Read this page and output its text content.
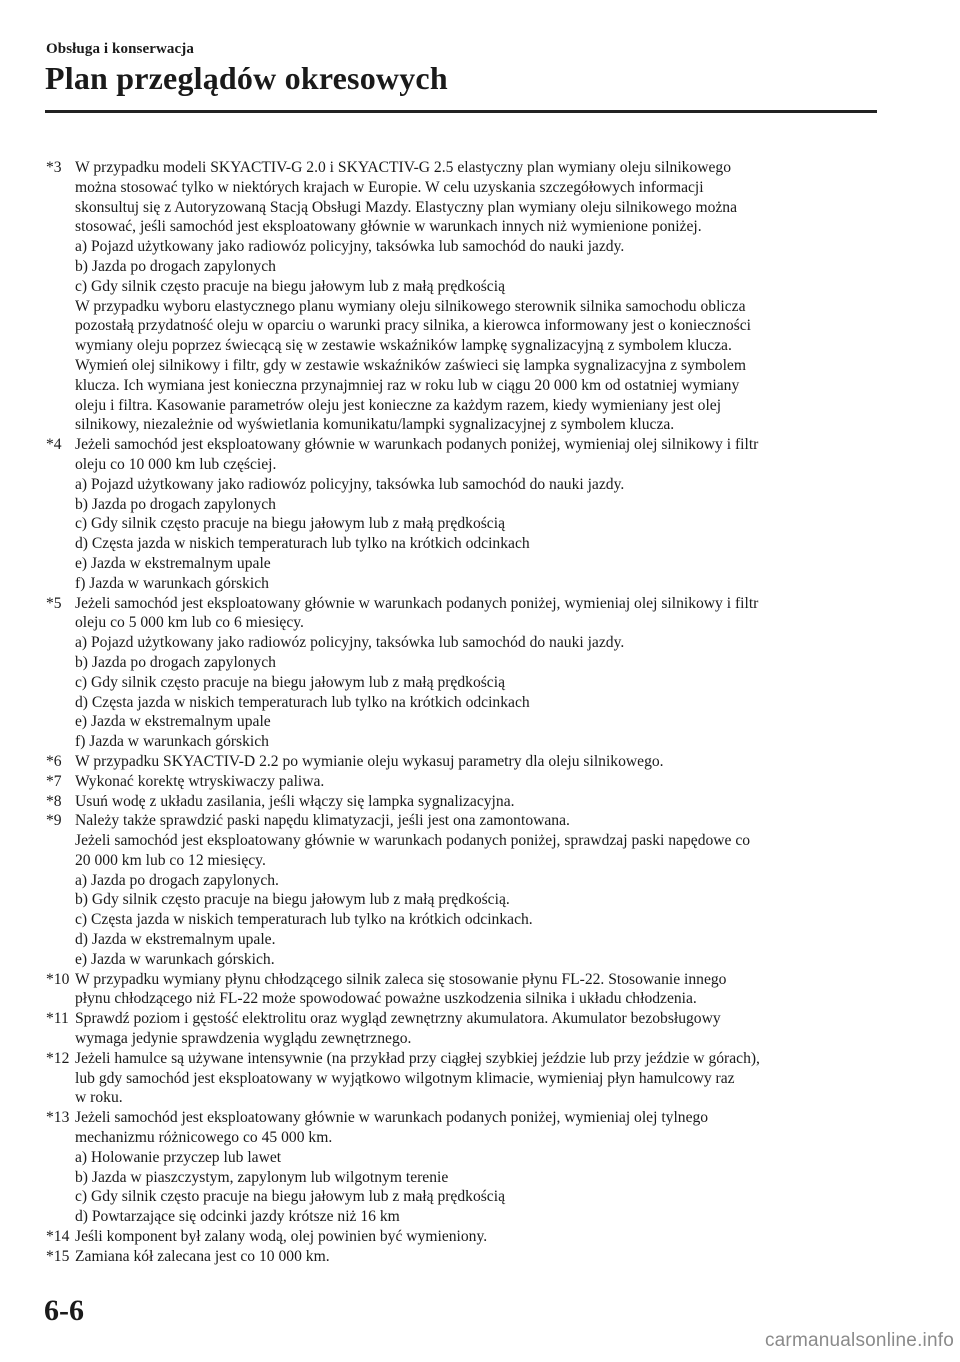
Obsługa i konserwacja
Plan przeglądów okresowych
*3 W przypadku modeli SKYACTIV-G 2.0 i SKYACTIV-G 2.5 elastyczny plan wymiany oleju silnikowego
można stosować tylko w niektórych krajach w Europie. W celu uzyskania szczegółowych informacji
skonsultuj się z Autoryzowaną Stacją Obsługi Mazdy. Elastyczny plan wymiany oleju silnikowego można
stosować, jeśli samochód jest eksploatowany głównie w warunkach innych niż wymienione poniżej.
a) Pojazd użytkowany jako radiowóz policyjny, taksówka lub samochód do nauki jazdy.
b) Jazda po drogach zapylonych
c) Gdy silnik często pracuje na biegu jałowym lub z małą prędkością
W przypadku wyboru elastycznego planu wymiany oleju silnikowego sterownik silnika samochodu oblicza
pozostałą przydatność oleju w oparciu o warunki pracy silnika, a kierowca informowany jest o konieczności
wymiany oleju poprzez świecącą się w zestawie wskaźników lampkę sygnalizacyjną z symbolem klucza.
Wymień olej silnikowy i filtr, gdy w zestawie wskaźników zaświeci się lampka sygnalizacyjna z symbolem
klucza. Ich wymiana jest konieczna przynajmniej raz w roku lub w ciągu 20 000 km od ostatniej wymiany
oleju i filtra. Kasowanie parametrów oleju jest konieczne za każdym razem, kiedy wymieniany jest olej
silnikowy, niezależnie od wyświetlania komunikatu/lampki sygnalizacyjnej z symbolem klucza.
*4 Jeżeli samochód jest eksploatowany głównie w warunkach podanych poniżej, wymieniaj olej silnikowy i filtr
oleju co 10 000 km lub częściej.
a) Pojazd użytkowany jako radiowóz policyjny, taksówka lub samochód do nauki jazdy.
b) Jazda po drogach zapylonych
c) Gdy silnik często pracuje na biegu jałowym lub z małą prędkością
d) Częsta jazda w niskich temperaturach lub tylko na krótkich odcinkach
e) Jazda w ekstremalnym upale
f) Jazda w warunkach górskich
*5 Jeżeli samochód jest eksploatowany głównie w warunkach podanych poniżej, wymieniaj olej silnikowy i filtr
oleju co 5 000 km lub co 6 miesięcy.
a) Pojazd użytkowany jako radiowóz policyjny, taksówka lub samochód do nauki jazdy.
b) Jazda po drogach zapylonych
c) Gdy silnik często pracuje na biegu jałowym lub z małą prędkością
d) Częsta jazda w niskich temperaturach lub tylko na krótkich odcinkach
e) Jazda w ekstremalnym upale
f) Jazda w warunkach górskich
*6 W przypadku SKYACTIV-D 2.2 po wymianie oleju wykasuj parametry dla oleju silnikowego.
*7 Wykonać korektę wtryskiwaczy paliwa.
*8 Usuń wodę z układu zasilania, jeśli włączy się lampka sygnalizacyjna.
*9 Należy także sprawdzić paski napędu klimatyzacji, jeśli jest ona zamontowana.
Jeżeli samochód jest eksploatowany głównie w warunkach podanych poniżej, sprawdzaj paski napędowe co
20 000 km lub co 12 miesięcy.
a) Jazda po drogach zapylonych.
b) Gdy silnik często pracuje na biegu jałowym lub z małą prędkością.
c) Częsta jazda w niskich temperaturach lub tylko na krótkich odcinkach.
d) Jazda w ekstremalnym upale.
e) Jazda w warunkach górskich.
*10 W przypadku wymiany płynu chłodzącego silnik zaleca się stosowanie płynu FL-22. Stosowanie innego
płynu chłodzącego niż FL-22 może spowodować poważne uszkodzenia silnika i układu chłodzenia.
*11 Sprawdź poziom i gęstość elektrolitu oraz wygląd zewnętrzny akumulatora. Akumulator bezobsługowy
wymaga jedynie sprawdzenia wyglądu zewnętrznego.
*12 Jeżeli hamulce są używane intensywnie (na przykład przy ciągłej szybkiej jeździe lub przy jeździe w górach),
lub gdy samochód jest eksploatowany w wyjątkowo wilgotnym klimacie, wymieniaj płyn hamulcowy raz
w roku.
*13 Jeżeli samochód jest eksploatowany głównie w warunkach podanych poniżej, wymieniaj olej tylnego
mechanizmu różnicowego co 45 000 km.
a) Holowanie przyczep lub lawet
b) Jazda w piaszczystym, zapylonym lub wilgotnym terenie
c) Gdy silnik często pracuje na biegu jałowym lub z małą prędkością
d) Powtarzające się odcinki jazdy krótsze niż 16 km
*14 Jeśli komponent był zalany wodą, olej powinien być wymieniony.
*15 Zamiana kół zalecana jest co 10 000 km.
6-6
carmanualsonline.info
